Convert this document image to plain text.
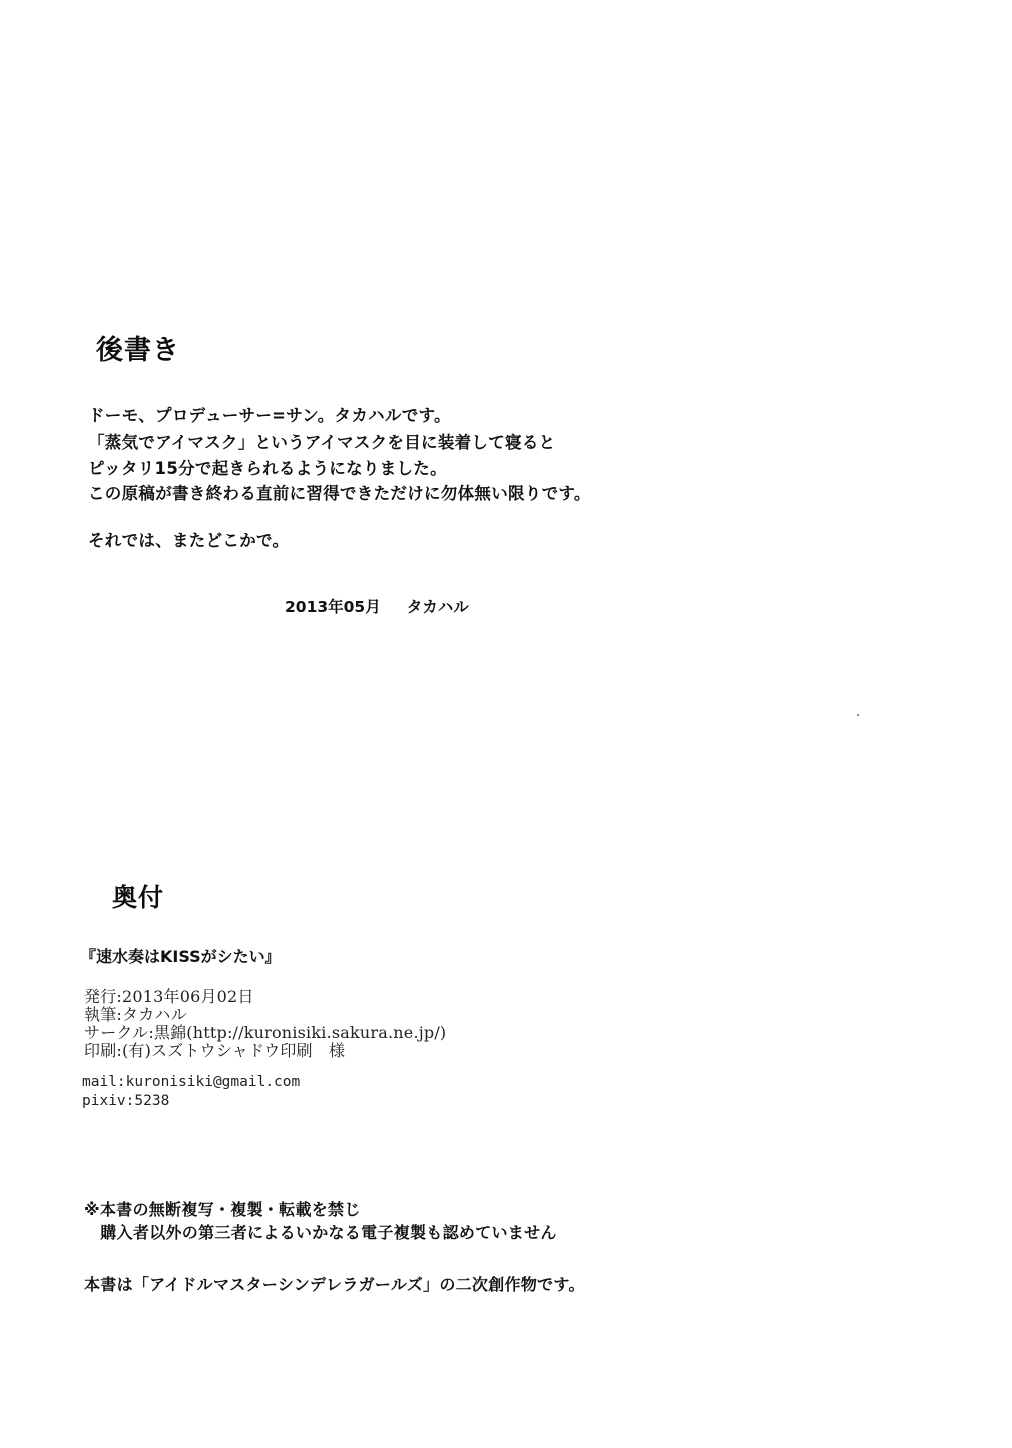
後書き
ドーモ、プロデューサー=サン。タカハルです。
「蒸気でアイマスク」というアイマスクを目に装着して寝ると
ピッタリ15分で起きられるようになりました。
この原稿が書き終わる直前に習得できただけに勿体無い限りです。
それでは、またどこかで。
2013年05月 タカハル
奥付
『速水奏はKISSがシたい』
発行:2013年06月02日
執筆:タカハル
サークル:黒錦(http://kuronisiki.sakura.ne.jp/)
印刷:(有)スズトウシャドウ印刷　様
mail:kuronisiki@gmail.com
pixiv:5238
※本書の無断複写・複製・転載を禁じ
　購入者以外の第三者によるいかなる電子複製も認めていません
本書は「アイドルマスターシンデレラガールズ」の二次創作物です。
